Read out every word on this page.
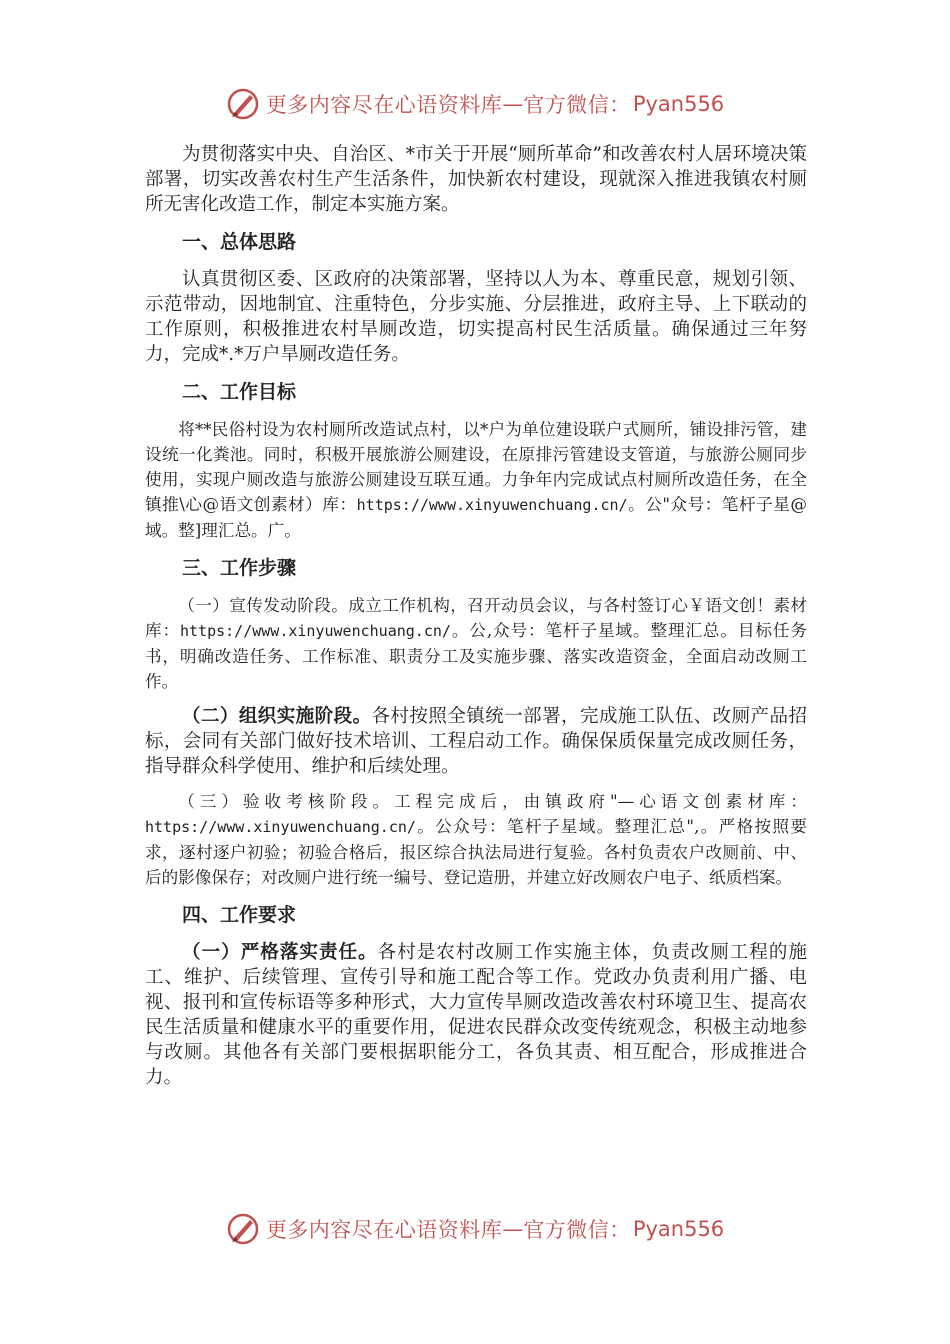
更多内容尽在心语资料库 — 官方微信： Pyan556

为贯彻落实中央、自治区、*市关于开展“厕所革命”和改善农村人居环境决策部署，切实改善农村生产生活条件，加快新农村建设，现就深入推进我镇农村厕所无害化改造工作，制定本实施方案。

一、总体思路

认真贯彻区委、区政府的决策部署，坚持以人为本、尊重民意，规划引领、示范带动，因地制宜、注重特色，分步实施、分层推进，政府主导、上下联动的工作原则，积极推进农村旱厕改造，切实提高村民生活质量。确保通过三年努力，完成*.*万户旱厕改造任务。

二、工作目标

将**民俗村设为农村厕所改造试点村，以*户为单位建设联户式厕所，铺设排污管，建设统一化粪池。同时，积极开展旅游公厕建设，在原排污管建设支管道，与旅游公厕同步使用，实现户厕改造与旅游公厕建设互联互通。力争年内完成试点村厕所改造任务，在全镇推\心@语文创素材）库：https://www.xinyuwenchuang.cn/。公"众号：笔杆子星@域。整]理汇总。广。

三、工作步骤

（一）宣传发动阶段。成立工作机构，召开动员会议，与各村签订心￥语文创！素材库：https://www.xinyuwenchuang.cn/。公,众号：笔杆子星域。整理汇总。目标任务书，明确改造任务、工作标准、职责分工及实施步骤、落实改造资金，全面启动改厕工作。

（二）组织实施阶段。各村按照全镇统一部署，完成施工队伍、改厕产品招标，会同有关部门做好技术培训、工程启动工作。确保保质保量完成改厕任务，指导群众科学使用、维护和后续处理。

（三）验收考核阶段。工程完成后，由镇政府"—心语文创素材库：https://www.xinyuwenchuang.cn/。公众号：笔杆子星域。整理汇总",。严格按照要求，逐村逐户初验；初验合格后，报区综合执法局进行复验。各村负责农户改厕前、中、后的影像保存；对改厕户进行统一编号、登记造册，并建立好改厕农户电子、纸质档案。

四、工作要求

（一）严格落实责任。各村是农村改厕工作实施主体，负责改厕工程的施工、维护、后续管理、宣传引导和施工配合等工作。党政办负责利用广播、电视、报刊和宣传标语等多种形式，大力宣传旱厕改造改善农村环境卫生、提高农民生活质量和健康水平的重要作用，促进农民群众改变传统观念，积极主动地参与改厕。其他各有关部门要根据职能分工，各负其责、相互配合，形成推进合力。

更多内容尽在心语资料库 — 官方微信： Pyan556
